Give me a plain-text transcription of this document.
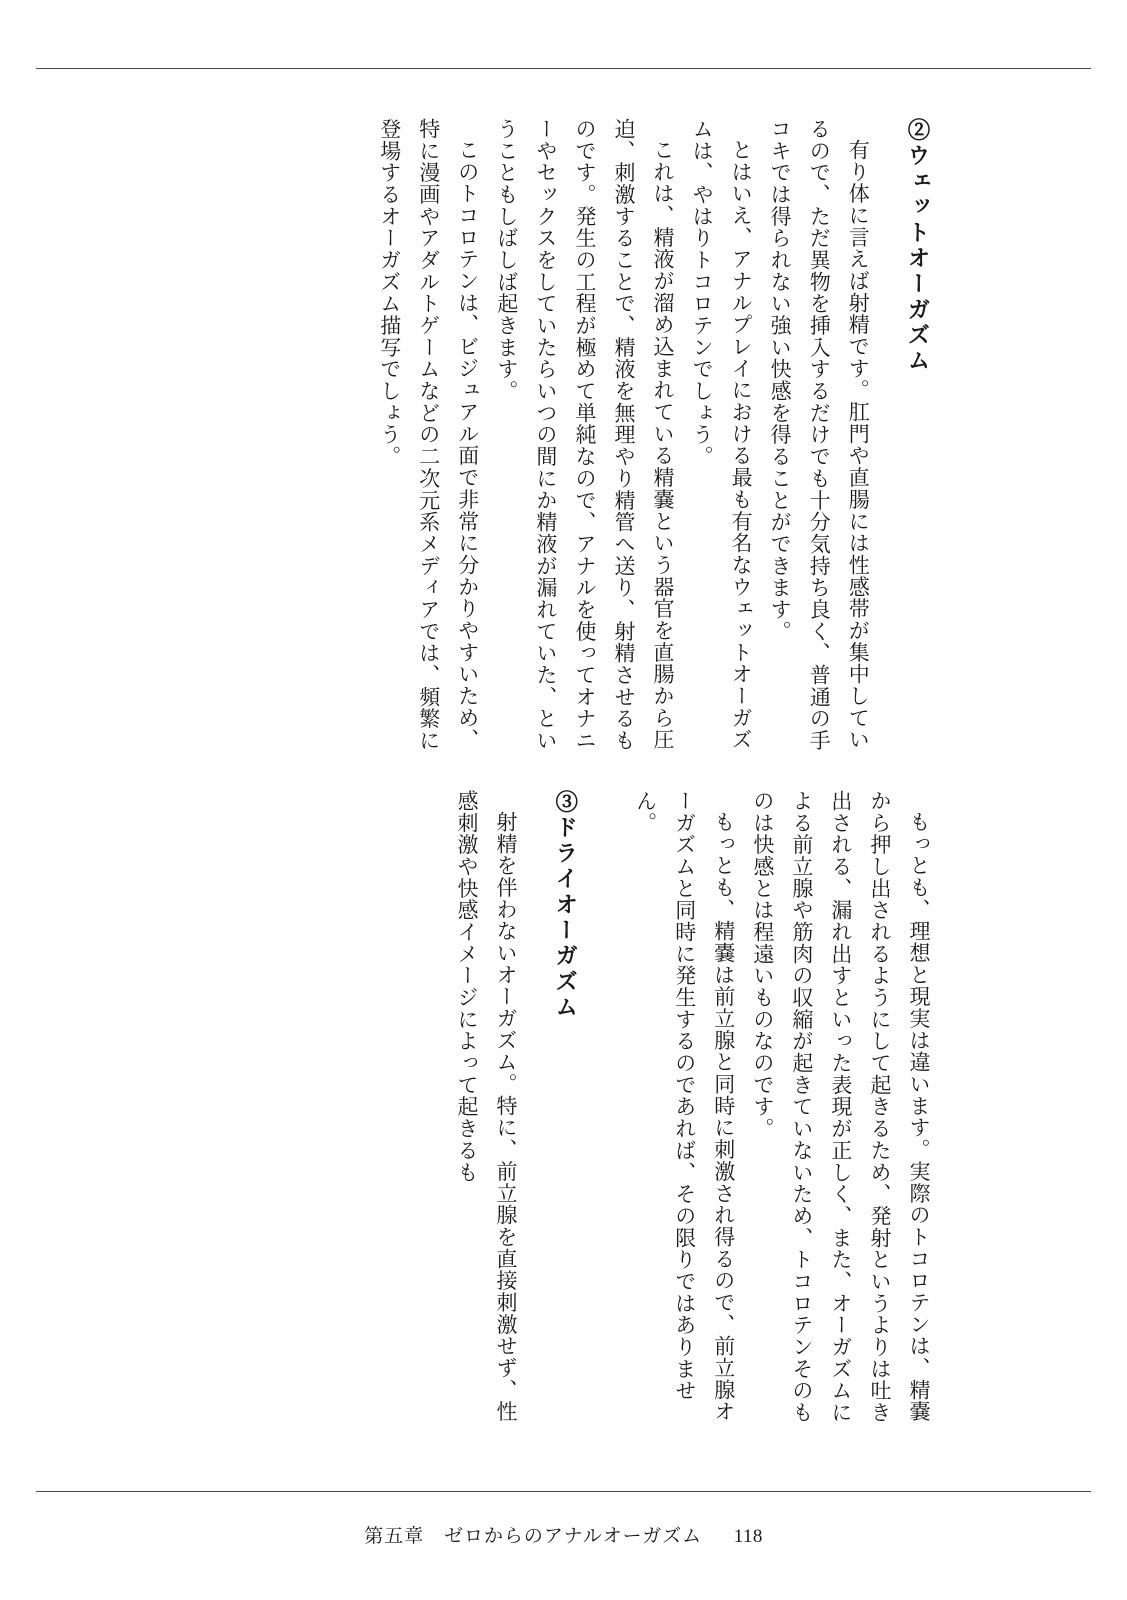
②ウェットオーガズム

有り体に言えば射精です。肛門や直腸には性感帯が集中しているので、ただ異物を挿入するだけでも十分気持ち良く、普通の手コキでは得られない強い快感を得ることができます。

とはいえ、アナルプレイにおける最も有名なウェットオーガズムは、やはりトコロテンでしょう。

これは、精液が溜め込まれている精嚢という器官を直腸から圧迫、刺激することで、精液を無理やり精管へ送り、射精させるものです。発生の工程が極めて単純なので、アナルを使ってオナニーやセックスをしていたらいつの間にか精液が漏れていた、ということもしばしば起きます。

このトコロテンは、ビジュアル面で非常に分かりやすいため、特に漫画やアダルトゲームなどの二次元系メディアでは、頻繁に登場するオーガズム描写でしょう。

もっとも、理想と現実は違います。実際のトコロテンは、精嚢から押し出されるようにして起きるため、発射というよりは吐き出される、漏れ出すといった表現が正しく、また、オーガズムによる前立腺や筋肉の収縮が起きていないため、トコロテンそのものは快感とは程遠いものなのです。

もっとも、精嚢は前立腺と同時に刺激され得るので、前立腺オーガズムと同時に発生するのであれば、その限りではありません。

③ドライオーガズム

射精を伴わないオーガズム。特に、前立腺を直接刺激せず、性感刺激や快感イメージによって起きるも

第五章　ゼロからのアナルオーガズム 118
